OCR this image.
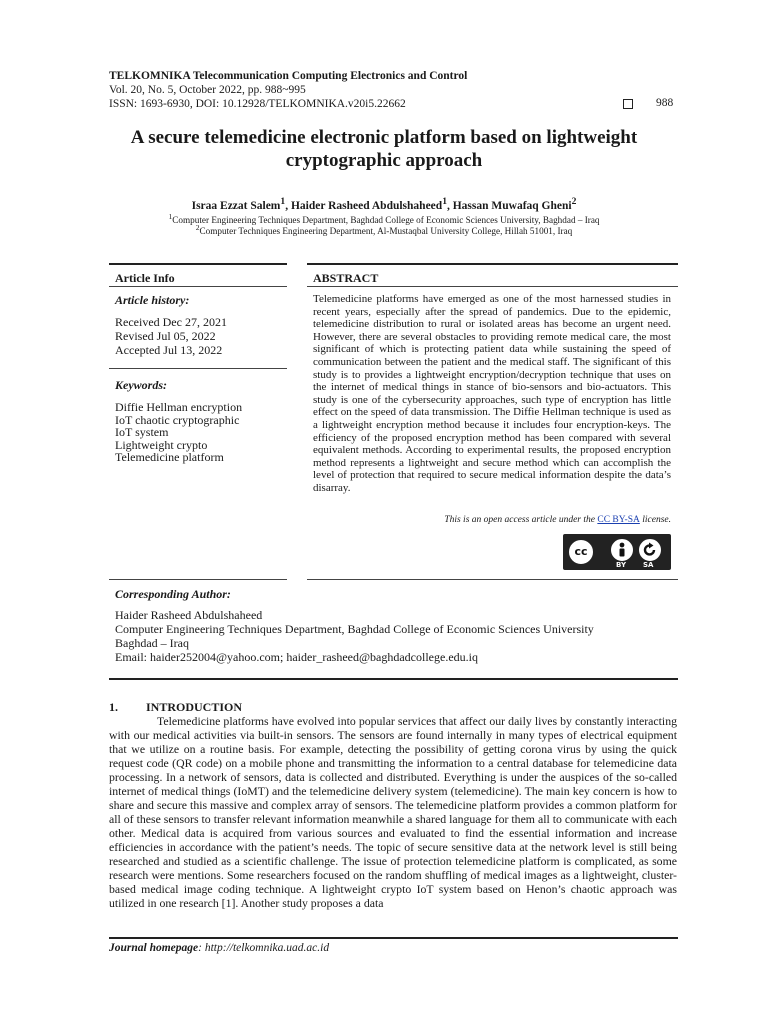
TELKOMNIKA Telecommunication Computing Electronics and Control
Vol. 20, No. 5, October 2022, pp. 988~995
ISSN: 1693-6930, DOI: 10.12928/TELKOMNIKA.v20i5.22662	988
A secure telemedicine electronic platform based on lightweight cryptographic approach
Israa Ezzat Salem$^1$, Haider Rasheed Abdulshaheed$^1$, Hassan Muwafaq Gheni$^2$
$^1$Computer Engineering Techniques Department, Baghdad College of Economic Sciences University, Baghdad – Iraq
$^2$Computer Techniques Engineering Department, Al-Mustaqbal University College, Hillah 51001, Iraq
Article Info
Article history:
Received Dec 27, 2021
Revised Jul 05, 2022
Accepted Jul 13, 2022
Keywords:
Diffie Hellman encryption
IoT chaotic cryptographic
IoT system
Lightweight crypto
Telemedicine platform
ABSTRACT
Telemedicine platforms have emerged as one of the most harnessed studies in recent years, especially after the spread of pandemics. Due to the epidemic, telemedicine distribution to rural or isolated areas has become an urgent need. However, there are several obstacles to providing remote medical care, the most significant of which is protecting patient data while sustaining the speed of communication between the patient and the medical staff. The significant of this study is to provides a lightweight encryption/decryption technique that uses on the internet of medical things in stance of bio-sensors and bio-actuators. This study is one of the cybersecurity approaches, such type of encryption has little effect on the speed of data transmission. The Diffie Hellman technique is used as a lightweight encryption method because it includes four encryption-keys. The efficiency of the proposed encryption method has been compared with several equivalent methods. According to experimental results, the proposed encryption method represents a lightweight and secure method which can accomplish the level of protection that required to secure medical information despite the data’s disarray.
This is an open access article under the CC BY-SA license.
cc
BY SA
Corresponding Author:
Haider Rasheed Abdulshaheed
Computer Engineering Techniques Department, Baghdad College of Economic Sciences University
Baghdad – Iraq
Email: haider252004@yahoo.com; haider_rasheed@baghdadcollege.edu.iq
1. INTRODUCTION

Telemedicine platforms have evolved into popular services that affect our daily lives by constantly interacting with our medical activities via built-in sensors. The sensors are found internally in many types of electrical equipment that we utilize on a routine basis. For example, detecting the possibility of getting corona virus by using the quick request code (QR code) on a mobile phone and transmitting the information to a central database for telemedicine data processing. In a network of sensors, data is collected and distributed. Everything is under the auspices of the so-called internet of medical things (IoMT) and the telemedicine delivery system (telemedicine). The main key concern is how to share and secure this massive and complex array of sensors. The telemedicine platform provides a common platform for all of these sensors to transfer relevant information meanwhile a shared language for them all to communicate with each other. Medical data is acquired from various sources and evaluated to find the essential information and increase efficiencies in accordance with the patient’s needs. The topic of secure sensitive data at the network level is still being researched and studied as a scientific challenge. The issue of protection telemedicine platform is complicated, as some research were mentions. Some researchers focused on the random shuffling of medical images as a lightweight, cluster-based medical image coding technique. A lightweight crypto IoT system based on Henon’s chaotic approach was utilized in one research [1]. Another study proposes a data

Journal homepage: http://telkomnika.uad.ac.id
